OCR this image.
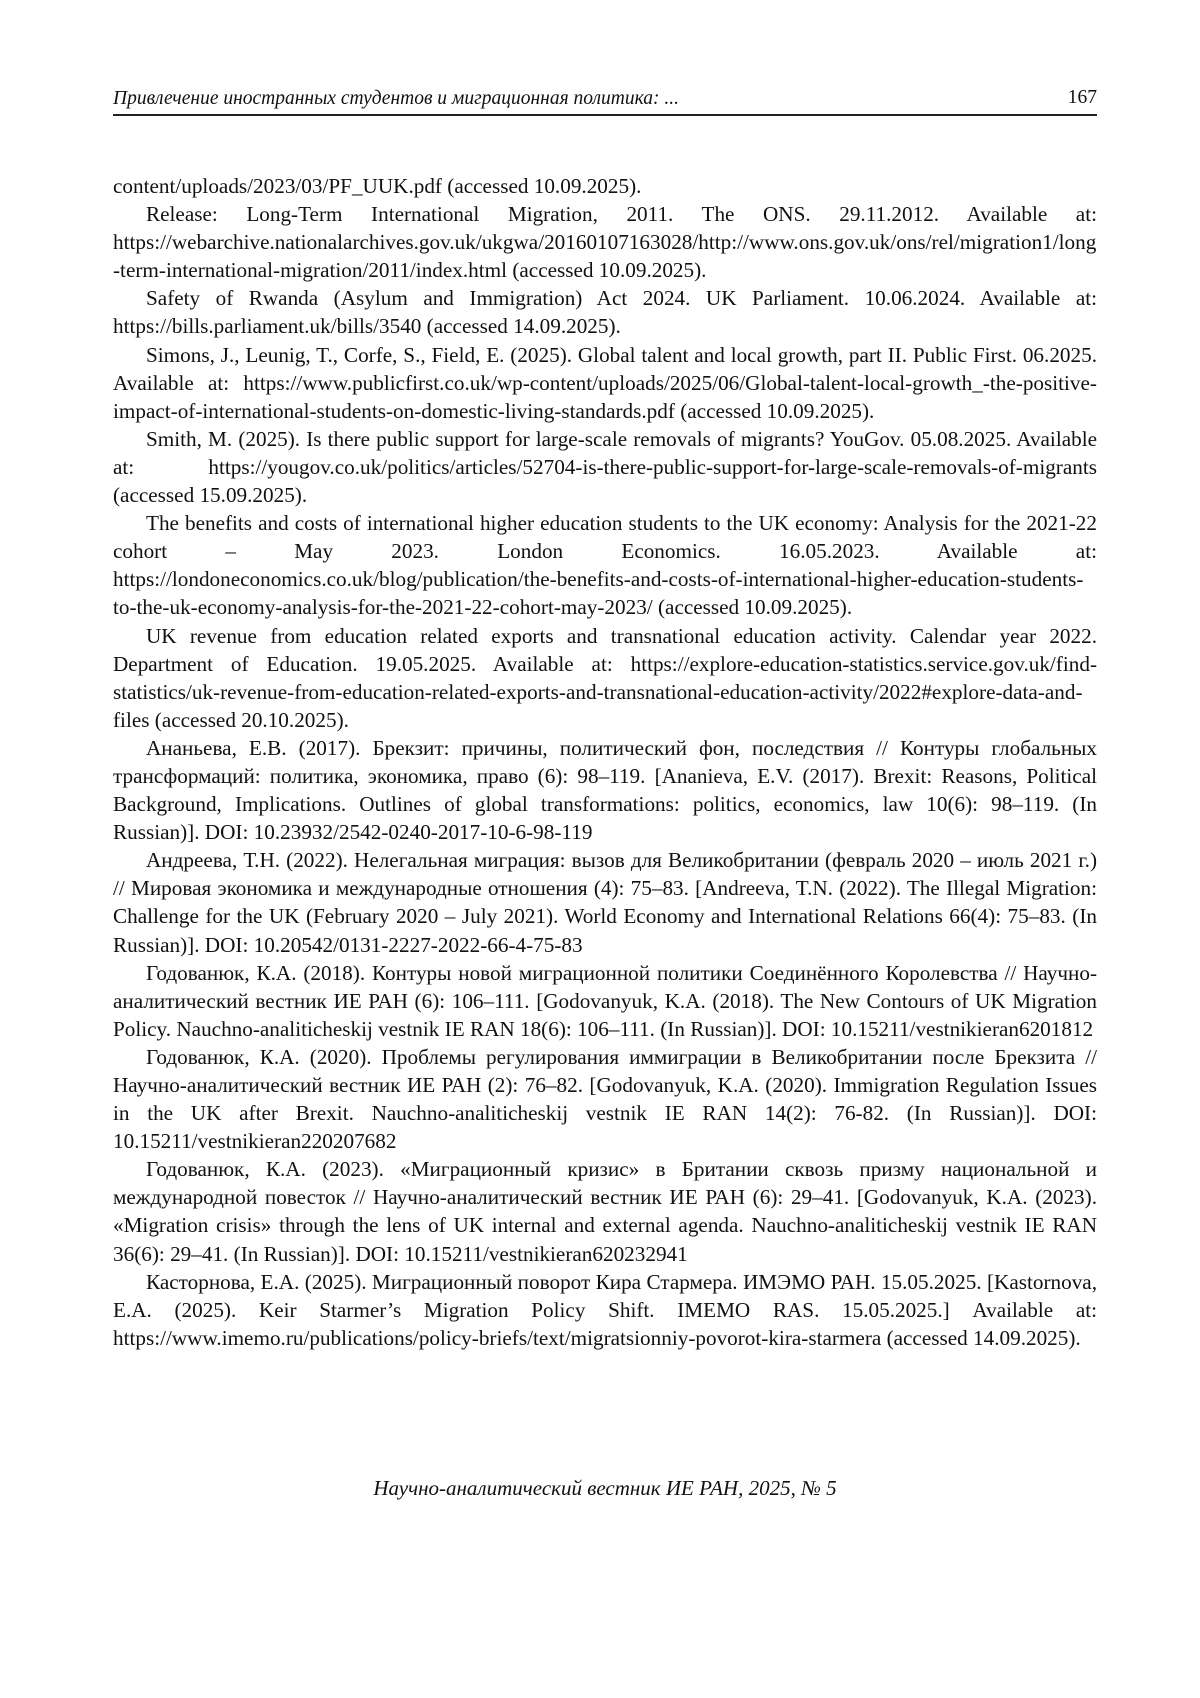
Привлечение иностранных студентов и миграционная политика: ...	167
content/uploads/2023/03/PF_UUK.pdf (accessed 10.09.2025).
Release: Long-Term International Migration, 2011. The ONS. 29.11.2012. Available at: https://webarchive.nationalarchives.gov.uk/ukgwa/20160107163028/http://www.ons.gov.uk/ons/rel/migration1/long-term-international-migration/2011/index.html (accessed 10.09.2025).
Safety of Rwanda (Asylum and Immigration) Act 2024. UK Parliament. 10.06.2024. Available at: https://bills.parliament.uk/bills/3540 (accessed 14.09.2025).
Simons, J., Leunig, T., Corfe, S., Field, E. (2025). Global talent and local growth, part II. Public First. 06.2025. Available at: https://www.publicfirst.co.uk/wp-content/uploads/2025/06/Global-talent-local-growth_-the-positive-impact-of-international-students-on-domestic-living-standards.pdf (accessed 10.09.2025).
Smith, M. (2025). Is there public support for large-scale removals of migrants? YouGov. 05.08.2025. Available at: https://yougov.co.uk/politics/articles/52704-is-there-public-support-for-large-scale-removals-of-migrants (accessed 15.09.2025).
The benefits and costs of international higher education students to the UK economy: Analysis for the 2021-22 cohort – May 2023. London Economics. 16.05.2023. Available at: https://londoneconomics.co.uk/blog/publication/the-benefits-and-costs-of-international-higher-education-students-to-the-uk-economy-analysis-for-the-2021-22-cohort-may-2023/ (accessed 10.09.2025).
UK revenue from education related exports and transnational education activity. Calendar year 2022. Department of Education. 19.05.2025. Available at: https://explore-education-statistics.service.gov.uk/find-statistics/uk-revenue-from-education-related-exports-and-transnational-education-activity/2022#explore-data-and-files (accessed 20.10.2025).
Ананьева, Е.В. (2017). Брекзит: причины, политический фон, последствия // Контуры глобальных трансформаций: политика, экономика, право (6): 98–119. [Ananieva, E.V. (2017). Brexit: Reasons, Political Background, Implications. Outlines of global transformations: politics, economics, law 10(6): 98–119. (In Russian)]. DOI: 10.23932/2542-0240-2017-10-6-98-119
Андреева, Т.Н. (2022). Нелегальная миграция: вызов для Великобритании (февраль 2020 – июль 2021 г.) // Мировая экономика и международные отношения (4): 75–83. [Andreeva, T.N. (2022). The Illegal Migration: Challenge for the UK (February 2020 – July 2021). World Economy and International Relations 66(4): 75–83. (In Russian)]. DOI: 10.20542/0131-2227-2022-66-4-75-83
Годованюк, К.А. (2018). Контуры новой миграционной политики Соединённого Королевства // Научно-аналитический вестник ИЕ РАН (6): 106–111. [Godovanyuk, K.A. (2018). The New Contours of UK Migration Policy. Nauchno-analiticheskij vestnik IE RAN 18(6): 106–111. (In Russian)]. DOI: 10.15211/vestnikieran6201812
Годованюк, К.А. (2020). Проблемы регулирования иммиграции в Великобритании после Брекзита // Научно-аналитический вестник ИЕ РАН (2): 76–82. [Godovanyuk, K.A. (2020). Immigration Regulation Issues in the UK after Brexit. Nauchno-analiticheskij vestnik IE RAN 14(2): 76-82. (In Russian)]. DOI: 10.15211/vestnikieran220207682
Годованюк, К.А. (2023). «Миграционный кризис» в Британии сквозь призму национальной и международной повесток // Научно-аналитический вестник ИЕ РАН (6): 29–41. [Godovanyuk, K.A. (2023). «Migration crisis» through the lens of UK internal and external agenda. Nauchno-analiticheskij vestnik IE RAN 36(6): 29–41. (In Russian)]. DOI: 10.15211/vestnikieran620232941
Касторнова, Е.А. (2025). Миграционный поворот Кира Стармера. ИМЭМО РАН. 15.05.2025. [Kastornova, E.A. (2025). Keir Starmer’s Migration Policy Shift. IMEMO RAS. 15.05.2025.] Available at: https://www.imemo.ru/publications/policy-briefs/text/migratsionniy-povorot-kira-starmera (accessed 14.09.2025).
Научно-аналитический вестник ИЕ РАН, 2025, № 5
